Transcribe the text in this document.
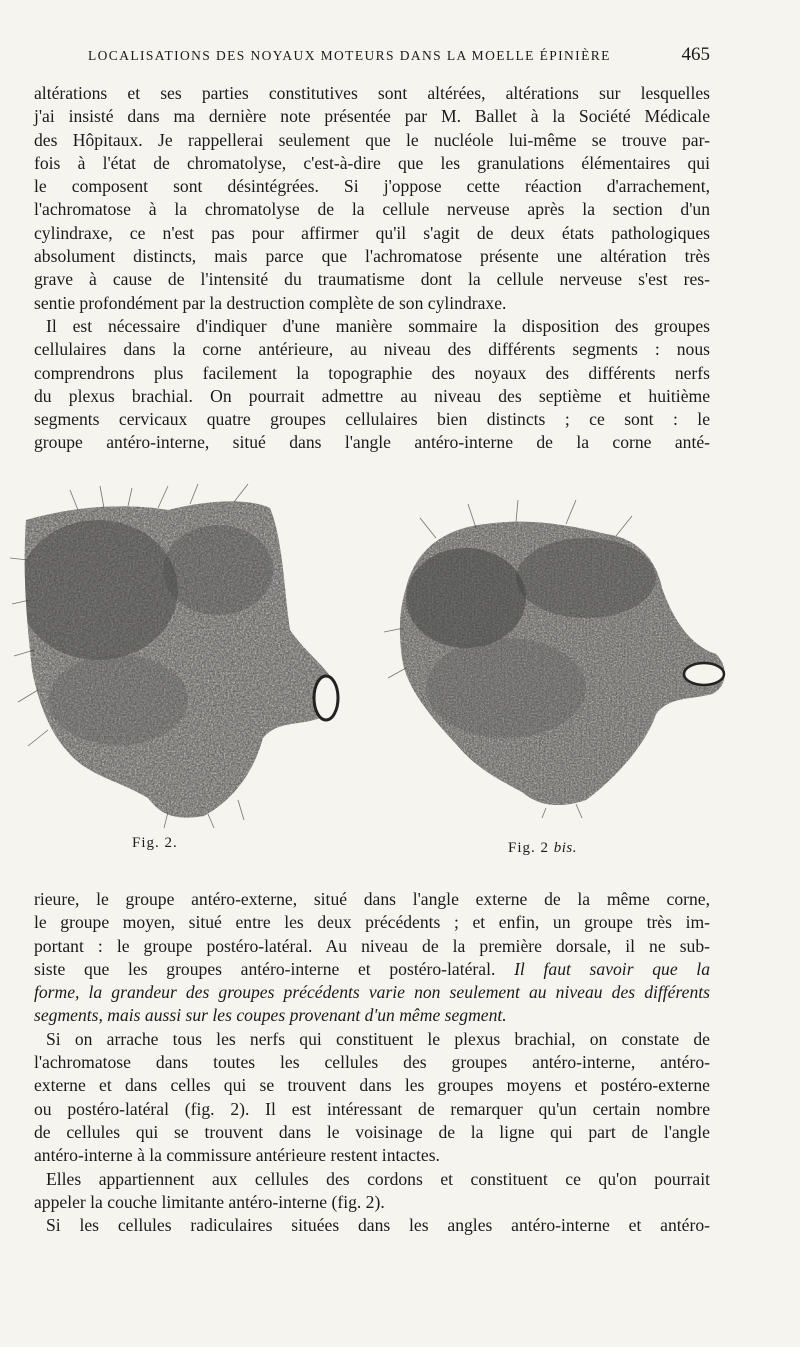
LOCALISATIONS DES NOYAUX MOTEURS DANS LA MOELLE ÉPINIÈRE	465
altérations et ses parties constitutives sont altérées, altérations sur lesquelles
j'ai insisté dans ma dernière note présentée par M. Ballet à la Société Médicale
des Hôpitaux. Je rappellerai seulement que le nucléole lui-même se trouve par-
fois à l'état de chromatolyse, c'est-à-dire que les granulations élémentaires qui
le composent sont désintégrées. Si j'oppose cette réaction d'arrachement,
l'achromatose à la chromatolyse de la cellule nerveuse après la section d'un
cylindraxe, ce n'est pas pour affirmer qu'il s'agit de deux états pathologiques
absolument distincts, mais parce que l'achromatose présente une altération très
grave à cause de l'intensité du traumatisme dont la cellule nerveuse s'est res-
sentie profondément par la destruction complète de son cylindraxe.
Il est nécessaire d'indiquer d'une manière sommaire la disposition des groupes
cellulaires dans la corne antérieure, au niveau des différents segments : nous
comprendrons plus facilement la topographie des noyaux des différents nerfs
du plexus brachial. On pourrait admettre au niveau des septième et huitième
segments cervicaux quatre groupes cellulaires bien distincts ; ce sont : le
groupe antéro-interne, situé dans l'angle antéro-interne de la corne anté-
Fig. 2.	Fig. 2 bis.
rieure, le groupe antéro-externe, situé dans l'angle externe de la même corne,
le groupe moyen, situé entre les deux précédents ; et enfin, un groupe très im-
portant : le groupe postéro-latéral. Au niveau de la première dorsale, il ne sub-
siste que les groupes antéro-interne et postéro-latéral. Il faut savoir que la
forme, la grandeur des groupes précédents varie non seulement au niveau des différents
segments, mais aussi sur les coupes provenant d'un même segment.
Si on arrache tous les nerfs qui constituent le plexus brachial, on constate de
l'achromatose dans toutes les cellules des groupes antéro-interne, antéro-
externe et dans celles qui se trouvent dans les groupes moyens et postéro-externe
ou postéro-latéral (fig. 2). Il est intéressant de remarquer qu'un certain nombre
de cellules qui se trouvent dans le voisinage de la ligne qui part de l'angle
antéro-interne à la commissure antérieure restent intactes.
Elles appartiennent aux cellules des cordons et constituent ce qu'on pourrait
appeler la couche limitante antéro-interne (fig. 2).
Si les cellules radiculaires situées dans les angles antéro-interne et antéro-
